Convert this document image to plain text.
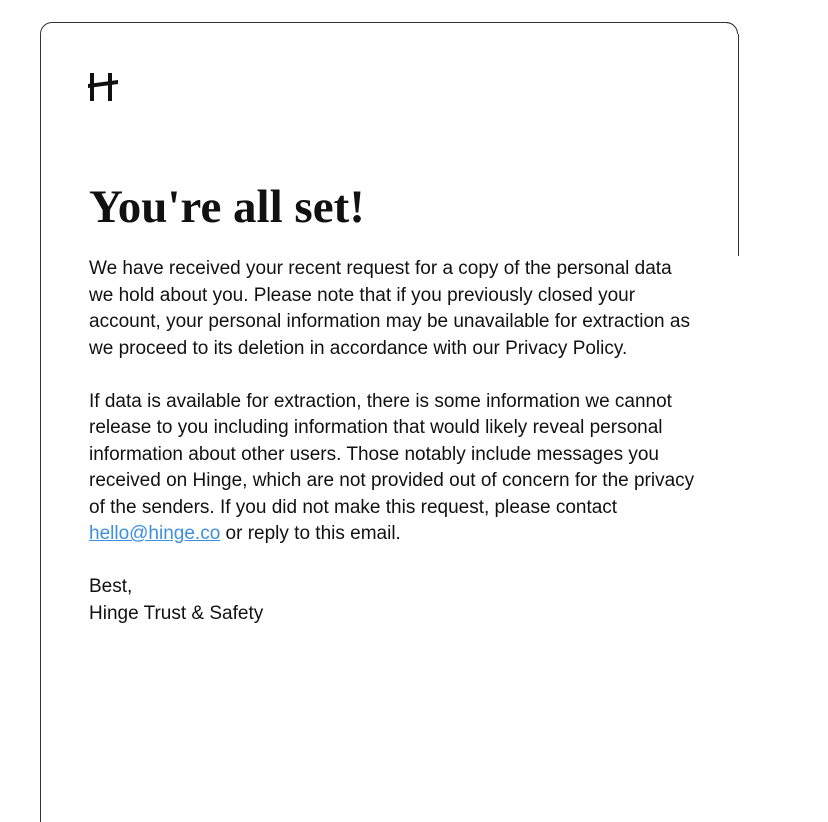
You're all set!

We have received your recent request for a copy of the personal data we hold about you. Please note that if you previously closed your account, your personal information may be unavailable for extraction as we proceed to its deletion in accordance with our Privacy Policy.

If data is available for extraction, there is some information we cannot release to you including information that would likely reveal personal information about other users. Those notably include messages you received on Hinge, which are not provided out of concern for the privacy of the senders. If you did not make this request, please contact hello@hinge.co or reply to this email.

Best,
Hinge Trust & Safety
